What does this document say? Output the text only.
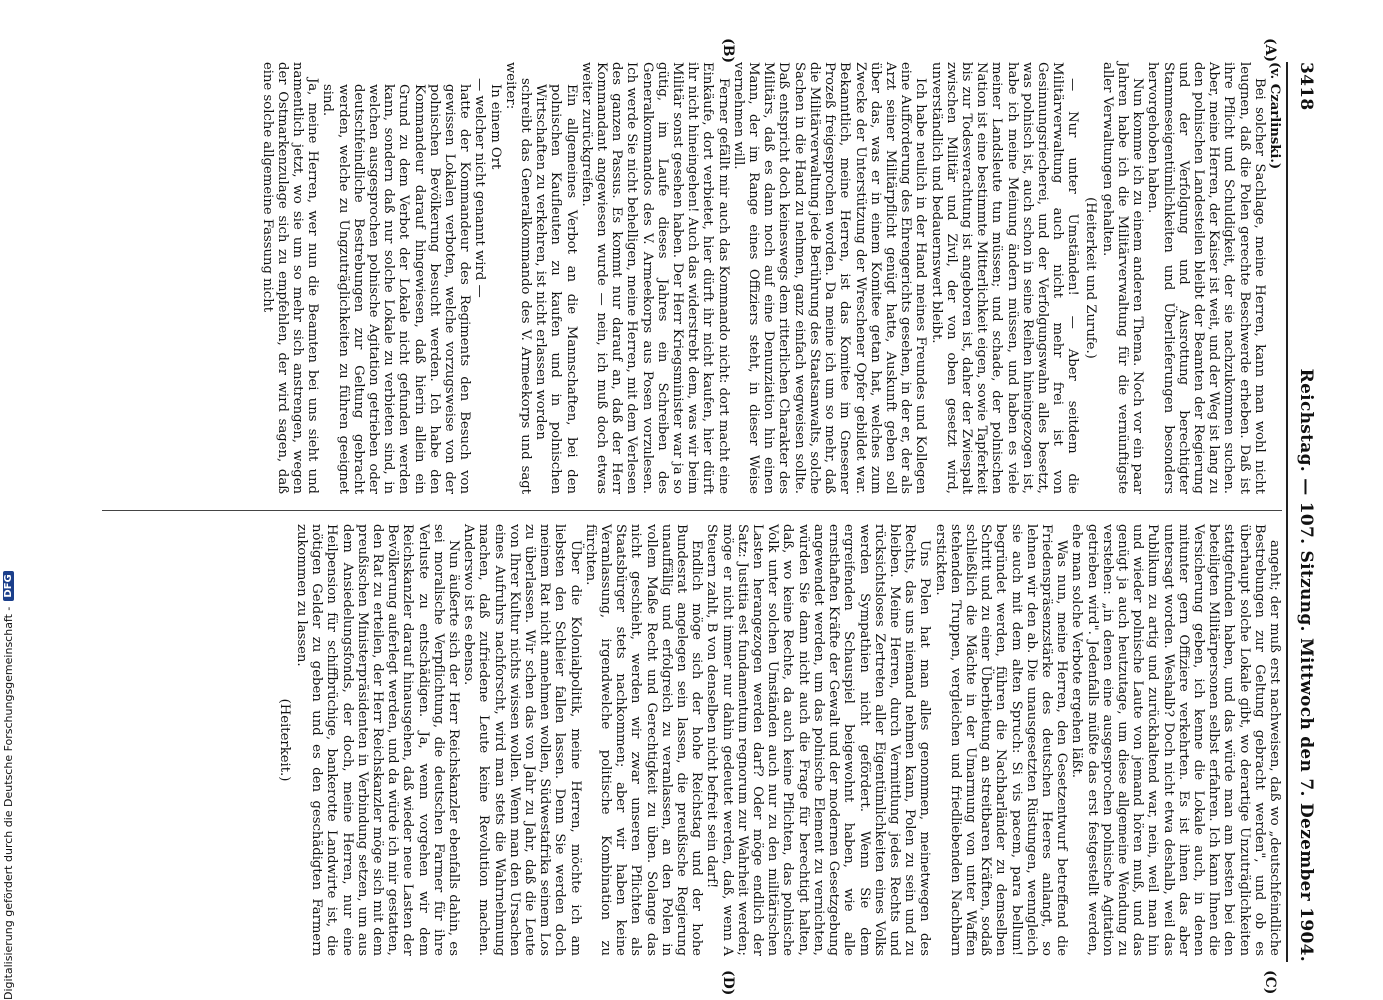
3418
Reichstag. — 107. Sitzung. Mittwoch den 7. Dezember 1904.
(A)
(B)
(C)
(D)

(v. Czarlinski.)

Bei solcher Sachlage, meine Herren, kann man wohl nicht leugnen, daß die Polen gerechte Beschwerde erheben. Daß ist ihre Pflicht und Schuldigkeit, der sie nachzukommen suchen. Aber, meine Herren, der Kaiser ist weit, und der Weg ist lang zu den polnischen Landesteilen bleibt der Beamten der Regierung und der Verfolgung und Ausrottung berechtigter Stammeseigentümlichkeiten und Überlieferungen besonders hervorgehoben haben.

Nun komme ich zu einem anderen Thema. Noch vor ein paar Jahren habe ich die Militärverwaltung für die vernünftigste aller Verwaltungen gehalten.

(Heiterkeit und Zurufe.)

— Nur unter Umständen! — Aber seitdem die Militärverwaltung auch nicht mehr frei ist von Gesinnungsriecherei, und der Verfolgungswahn alles besetzt, was polnisch ist, auch schon in seine Reihen hineingezogen ist, habe ich meine Meinung ändern müssen, und haben es viele meiner Landsleute tun müssen; und schade, der polnischen Nation ist eine bestimmte Mitterlichkeit eigen, sowie Tapferkeit bis zur Todesverachtung ist angeboren ist, daher der Zwiespalt zwischen Militär und Zivil, der von oben gesetzt wird, unverständlich und bedauernswert bleibt.

Ich habe neulich in der Hand meines Freundes und Kollegen eine Aufforderung des Ehrengerichts gesehen, in der er, der als Arzt seiner Militärpflicht genügt hatte, Auskunft geben soll über das, was er in einem Komitee getan hat, welches zum Zwecke der Unterstützung der Wreschener Opfer gebildet war. Bekanntlich, meine Herren, ist das Komitee im Gnesener Prozeß freigesprochen worden. Da meine ich um so mehr, daß die Militärverwaltung jede Berührung des Staatsanwalts, solche Sachen in die Hand zu nehmen, ganz einfach wegweisen sollte. Daß entspricht doch keineswegs dem ritterlichen Charakter des Militärs, daß es dann noch auf eine Denunziation hin einen Mann, der im Range eines Offiziers steht, in dieser Weise vernehmen will.

Ferner gefällt mir auch das Kommando nicht: dort macht eine Einkäufe, dort verbietet, hier dürft ihr nicht kaufen, hier dürft ihr nicht hineingehen! Auch das widerstrebt dem, was wir beim Militär sonst gesehen haben. Der Herr Kriegsminister war ja so gütig, im Laufe dieses Jahres ein Schreiben des Generalkommandos des V. Armeekorps aus Posen vorzulesen. Ich werde Sie nicht behelligen, meine Herren, mit dem Verlesen des ganzen Passus. Es kommt nur darauf an, daß der Herr Kommandant angewiesen wurde — nein, ich muß doch etwas weiter zurückgreifen.

Ein allgemeines Verbot an die Mannschaften, bei den polnischen Kaufleuten zu kaufen und in polnischen Wirtschaften zu verkehren, ist nicht erlassen worden

schreibt das Generalkommando des V. Armeekorps und sagt weiter:

In einem Ort

— welcher nicht genannt wird —

hatte der Kommandeur des Regiments den Besuch von gewissen Lokalen verboten, welche vorzugsweise von der polnischen Bevölkerung besucht werden. Ich habe den Kommandeur darauf hingewiesen, daß hierin allein ein Grund zu dem Verbot der Lokale nicht gefunden werden kann, sondern daß nur solche Lokale zu verbieten sind, in welchen ausgesprochen polnische Agitation getrieben oder deutschfeindliche Bestrebungen zur Geltung gebracht werden, welche zu Ungzuträglichkeiten zu führen geeignet sind.

Ja, meine Herren, wer nun die Beamten bei uns sieht und namentlich jetzt, wo sie um so mehr sich anstrengen, wegen der Ostmarkenzulage sich zu empfehlen, der wird sagen, daß eine solche allgemeine Fassung nicht

angeht; der muß erst nachweisen, daß wo „deutschfeindliche Bestrebungen zur Geltung gebracht werden", und ob es überhaupt solche Lokale gibt, wo derartige Unzuträglichkeiten stattgefunden haben, und das würde man am besten bei den beteiligten Militärpersonen selbst erfahren. Ich kann Ihnen die Versicherung geben, ich kenne die Lokale auch, in denen mitunter gern Offiziere verkehrten. Es ist ihnen das aber untersagt worden. Weshalb? Doch nicht etwa deshalb, weil das Publikum zu artig und zurückhaltend war, nein, weil man hin und wieder polnische Laute von jemand hören muß, und das genügt ja auch heutzutage, um diese allgemeine Wendung zu verstehen: „in denen eine ausgesprochen polnische Agitation getrieben wird". Jedenfalls müßte das erst festgestellt werden, ehe man solche Verbote ergehen läßt.

Was nun, meine Herren, den Gesetzentwurf betreffend die Friedenspräsenzstärke des deutschen Heeres anlangt, so lehnen wir den ab. Die unausgesetzten Rüstungen, wenngleich sie auch mit dem alten Spruch: Si vis pacem, para bellum! begründet werden, führen die Nachbarländer zu demselben Schritt und zu einer Überbietung an streitbaren Kräften, sodaß schließlich die Mächte in der Umarmung von unter Waffen stehenden Truppen, vergleichen und friedliebenden Nachbarn erstickten.

Uns Polen hat man alles genommen, meinetwegen des Rechts, das uns niemand nehmen kann, Polen zu sein und zu bleiben. Meine Herren, durch Vermittlung jedes Rechts und rücksichtsloses Zertreten aller Eigentümlichkeiten eines Volks werden Sympathien nicht gefördert. Wenn Sie dem ergreifenden Schauspiel beigewohnt haben, wie alle ernsthaften Kräfte der Gewalt und der modernen Gesetzgebung angewendet werden, um das polnische Element zu vernichten, würden Sie dann nicht auch die Frage für berechtigt halten, daß, wo keine Rechte, da auch keine Pflichten, das polnische Volk unter solchen Umständen auch nur zu den militärischen Lasten herangezogen werden darf? Oder möge endlich der Satz: Justitia est fundamentum regnorum zur Wahrheit werden; möge er nicht immer nur dahin gedeutet werden, daß, wenn A Steuern zahlt, B von denselben nicht befreit sein darf!

Endlich möge sich der hohe Reichstag und der hohe Bundesrat angelegen sein lassen, die preußische Regierung unauffällig und erfolgreich zu veranlassen, an den Polen in vollem Maße Recht und Gerechtigkeit zu üben. Solange das nicht geschieht, werden wir zwar unseren Pflichten als Staatsbürger stets nachkommen; aber wir haben keine Veranlassung, irgendwelche politische Kombination zu fürchten.

Über die Kolonialpolitik, meine Herren, möchte ich am liebsten den Schleier fallen lassen. Denn Sie werden doch meinem Rat nicht annehmen wollen, Südwestafrika seinem Los zu überlassen. Wir schen das von Jahr zu Jahr, daß die Leute von Ihrer Kultur nichts wissen wollen. Wenn man den Ursachen eines Aufruhrs nachforscht, wird man stets die Wahrnehmung machen, daß zufriedene Leute keine Revolution machen. Anderswo ist es ebenso.

Nun äußerte sich der Herr Reichskanzler ebenfalls dahin, es sei moralische Verpflichtung, die deutschen Farmer für ihre Verluste zu entschädigen. Ja, wenn vorgehen wir dem Reichskanzler darauf hinausgehen, daß wieder neue Lasten der Bevölkerung auferlegt werden, und da würde ich mir gestatten, den Rat zu erteilen, der Herr Reichskanzler möge sich mit dem preußischen Ministerpräsidenten in Verbindung setzen, um aus dem Ansiedelungsfonds, der doch, meine Herren, nur eine Heilpension für schiffbrüchige, bankerotte Landwirte ist, die nötigen Gelder zu geben und es den geschädigten Farmern zukommen zu lassen.

(Heiterkeit.)

Digitalisierung gefördert durch die Deutsche Forschungsgemeinschaft -
DFG
